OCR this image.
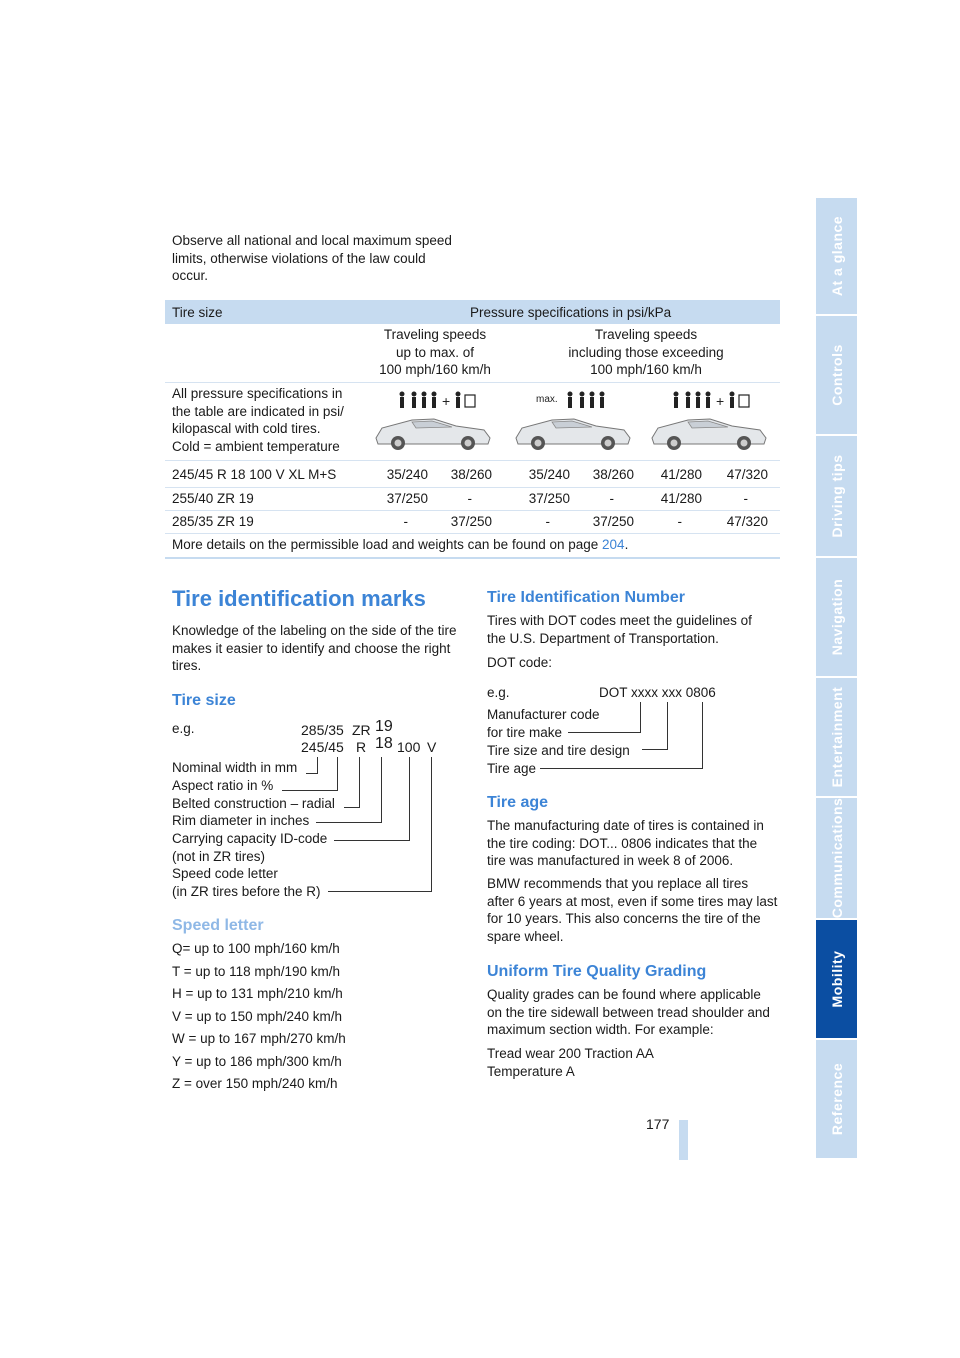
Observe all national and local maximum speed
limits, otherwise violations of the law could
occur.	At a glance
Controls
Driving tips
Navigation
Entertainment
Communications
Mobility
Reference
Tire size	Pressure specifications in psi/kPa
Traveling speeds
up to max. of
100 mph/160 km/h
Traveling speeds
including those exceeding
100 mph/160 km/h
All pressure specifications in
the table are indicated in psi/
kilopascal with cold tires.
Cold = ambient temperature
+	max.	+
245/45 R 18 100 V XL M+S	35/240	38/260	35/240	38/260	41/280	47/320
255/40 ZR 19	37/250	-	37/250	-	41/280	-
285/35 ZR 19	-	37/250	-	37/250	-	47/320
More details on the permissible load and weights can be found on page 204.
Tire identification marks
Knowledge of the labeling on the side of the tire
makes it easier to identify and choose the right
tires.
Tire size
e.g.	285/35 ZR 19
245/45 R 18 100 V
Nominal width in mm
Aspect ratio in %
Belted construction – radial
Rim diameter in inches
Carrying capacity ID-code
(not in ZR tires)
Speed code letter
(in ZR tires before the R)
Speed letter
Q= up to 100 mph/160 km/h
T = up to 118 mph/190 km/h
H = up to 131 mph/210 km/h
V = up to 150 mph/240 km/h
W = up to 167 mph/270 km/h
Y = up to 186 mph/300 km/h
Z = over 150 mph/240 km/h
Tire Identification Number
Tires with DOT codes meet the guidelines of
the U.S. Department of Transportation.
DOT code:
e.g.	DOT xxxx xxx 0806
Manufacturer code
for tire make
Tire size and tire design
Tire age
Tire age
The manufacturing date of tires is contained in
the tire coding: DOT... 0806 indicates that the
tire was manufactured in week 8 of 2006.
BMW recommends that you replace all tires
after 6 years at most, even if some tires may last
for 10 years. This also concerns the tire of the
spare wheel.
Uniform Tire Quality Grading
Quality grades can be found where applicable
on the tire sidewall between tread shoulder and
maximum section width. For example:
Tread wear 200 Traction AA
Temperature A
177
